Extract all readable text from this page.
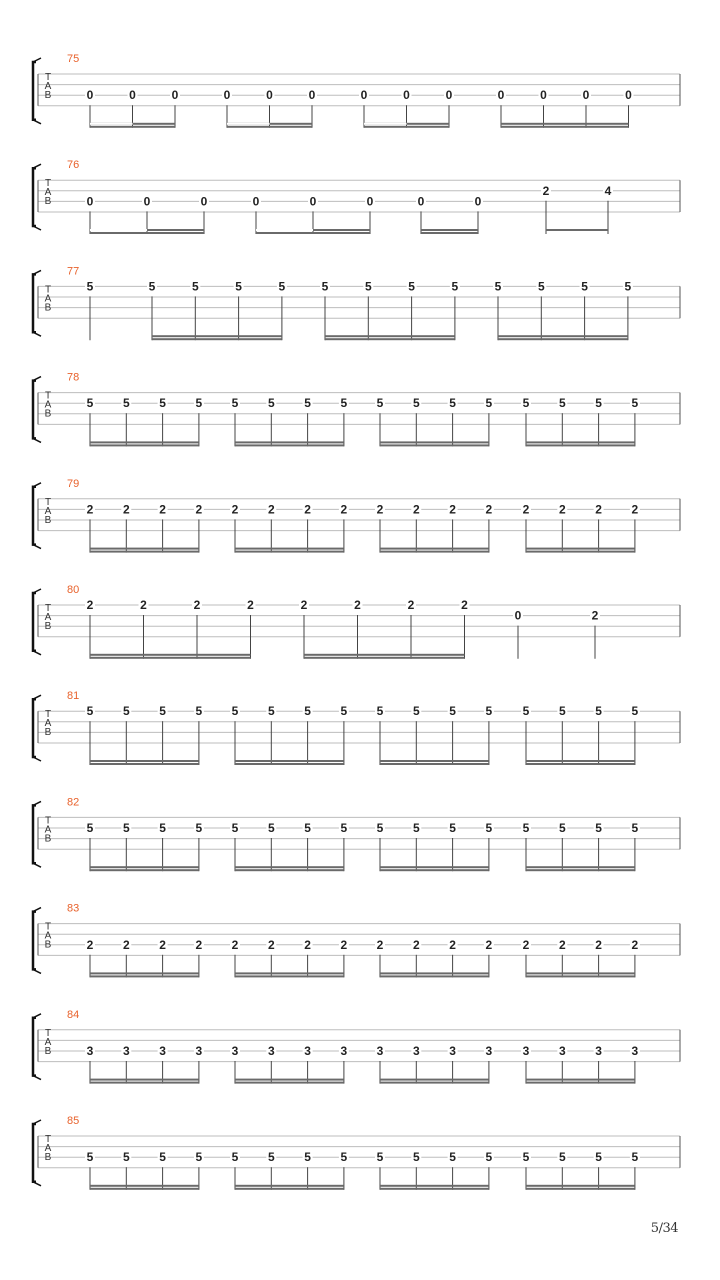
T
A
B
75
0	0	0	0	0	0	0	0	0	0	0	0	0
T
A
B
76
0	0	0	0	0	0	0	0
2	4
T
A
B
77
5	5	5	5	5	5	5	5	5	5	5	5	5
T
A
B
78
5 5 5 5 5 5 5 5 5 5 5 5	5 5 5 5
T
A
B
79
2 2 2 2 2 2 2 2 2 2 2 2	2 2 2 2
T
A
B
80
2	2	2	2	2	2	2	2
0	2
T
A
B
81
5 5 5 5 5 5 5 5 5 5 5 5	5 5 5 5
T
A
B
82
5 5 5 5 5 5 5 5 5 5 5 5	5 5 5 5
T
A
B
83
2 2 2 2 2 2 2 2 2 2 2 2	2 2 2 2
T
A
B
84
3 3 3 3 3 3 3 3 3 3 3 3	3 3 3 3
T
A
B
85
5 5 5 5 5 5 5 5 5 5 5 5	5 5 5 5
5/34
